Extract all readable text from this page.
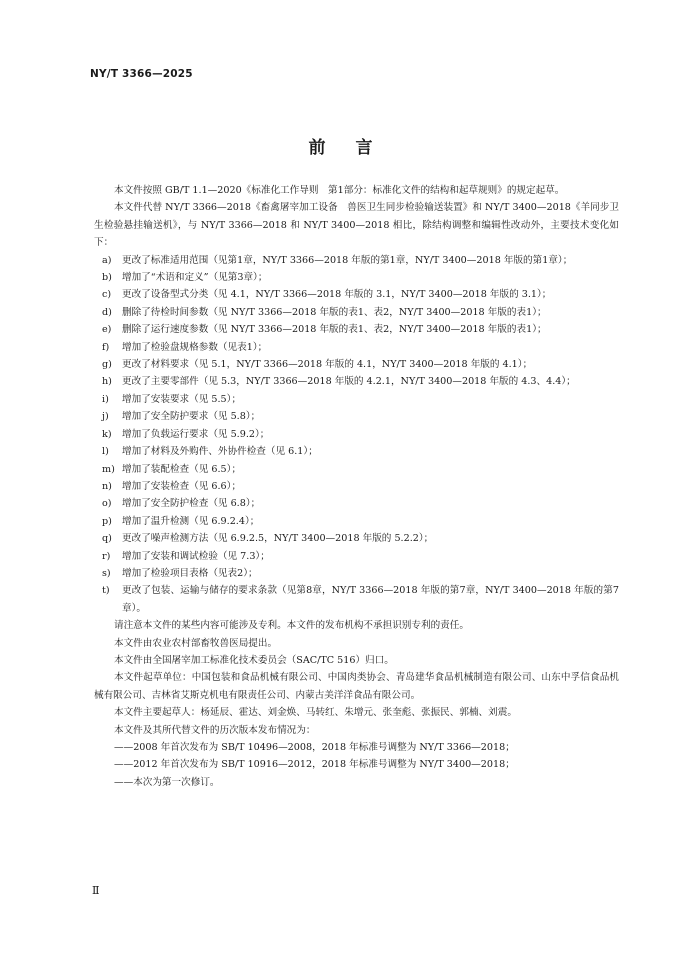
NY/T 3366—2025
前言

本文件按照 GB/T 1.1—2020《标准化工作导则　第1部分：标准化文件的结构和起草规则》的规定起草。

本文件代替 NY/T 3366—2018《畜禽屠宰加工设备　兽医卫生同步检验输送装置》和 NY/T 3400—2018《羊同步卫生检验悬挂输送机》，与 NY/T 3366—2018 和 NY/T 3400—2018 相比，除结构调整和编辑性改动外，主要技术变化如下：

a)	更改了标准适用范围（见第1章，NY/T 3366—2018 年版的第1章，NY/T 3400—2018 年版的第1章）；
b)	增加了“术语和定义”（见第3章）；
c)	更改了设备型式分类（见 4.1，NY/T 3366—2018 年版的 3.1，NY/T 3400—2018 年版的 3.1）；
d)	删除了待检时间参数（见 NY/T 3366—2018 年版的表1、表2，NY/T 3400—2018 年版的表1）；
e)	删除了运行速度参数（见 NY/T 3366—2018 年版的表1、表2，NY/T 3400—2018 年版的表1）；
f)	增加了检验盘规格参数（见表1）；
g)	更改了材料要求（见 5.1，NY/T 3366—2018 年版的 4.1，NY/T 3400—2018 年版的 4.1）；
h)	更改了主要零部件（见 5.3，NY/T 3366—2018 年版的 4.2.1，NY/T 3400—2018 年版的 4.3、4.4）；
i)	增加了安装要求（见 5.5）；
j)	增加了安全防护要求（见 5.8）；
k)	增加了负载运行要求（见 5.9.2）；
l)	增加了材料及外购件、外协件检查（见 6.1）；
m) 增加了装配检查（见 6.5）；
n)	增加了安装检查（见 6.6）；
o)	增加了安全防护检查（见 6.8）；
p)	增加了温升检测（见 6.9.2.4）；
q)	更改了噪声检测方法（见 6.9.2.5，NY/T 3400—2018 年版的 5.2.2）；
r)	增加了安装和调试检验（见 7.3）；
s)	增加了检验项目表格（见表2）；
t)	更改了包装、运输与储存的要求条款（见第8章，NY/T 3366—2018 年版的第7章，NY/T 3400—2018 年版的第7章）。

请注意本文件的某些内容可能涉及专利。本文件的发布机构不承担识别专利的责任。

本文件由农业农村部畜牧兽医局提出。

本文件由全国屠宰加工标准化技术委员会（SAC/TC 516）归口。

本文件起草单位：中国包装和食品机械有限公司、中国肉类协会、青岛建华食品机械制造有限公司、山东中孚信食品机械有限公司、吉林省艾斯克机电有限责任公司、内蒙古美洋洋食品有限公司。

本文件主要起草人：杨延辰、霍达、刘金焕、马转红、朱增元、张奎彪、张振民、郭楠、刘震。

本文件及其所代替文件的历次版本发布情况为：

——2008 年首次发布为 SB/T 10496—2008，2018 年标准号调整为 NY/T 3366—2018；

——2012 年首次发布为 SB/T 10916—2012，2018 年标准号调整为 NY/T 3400—2018；

——本次为第一次修订。

Ⅱ
